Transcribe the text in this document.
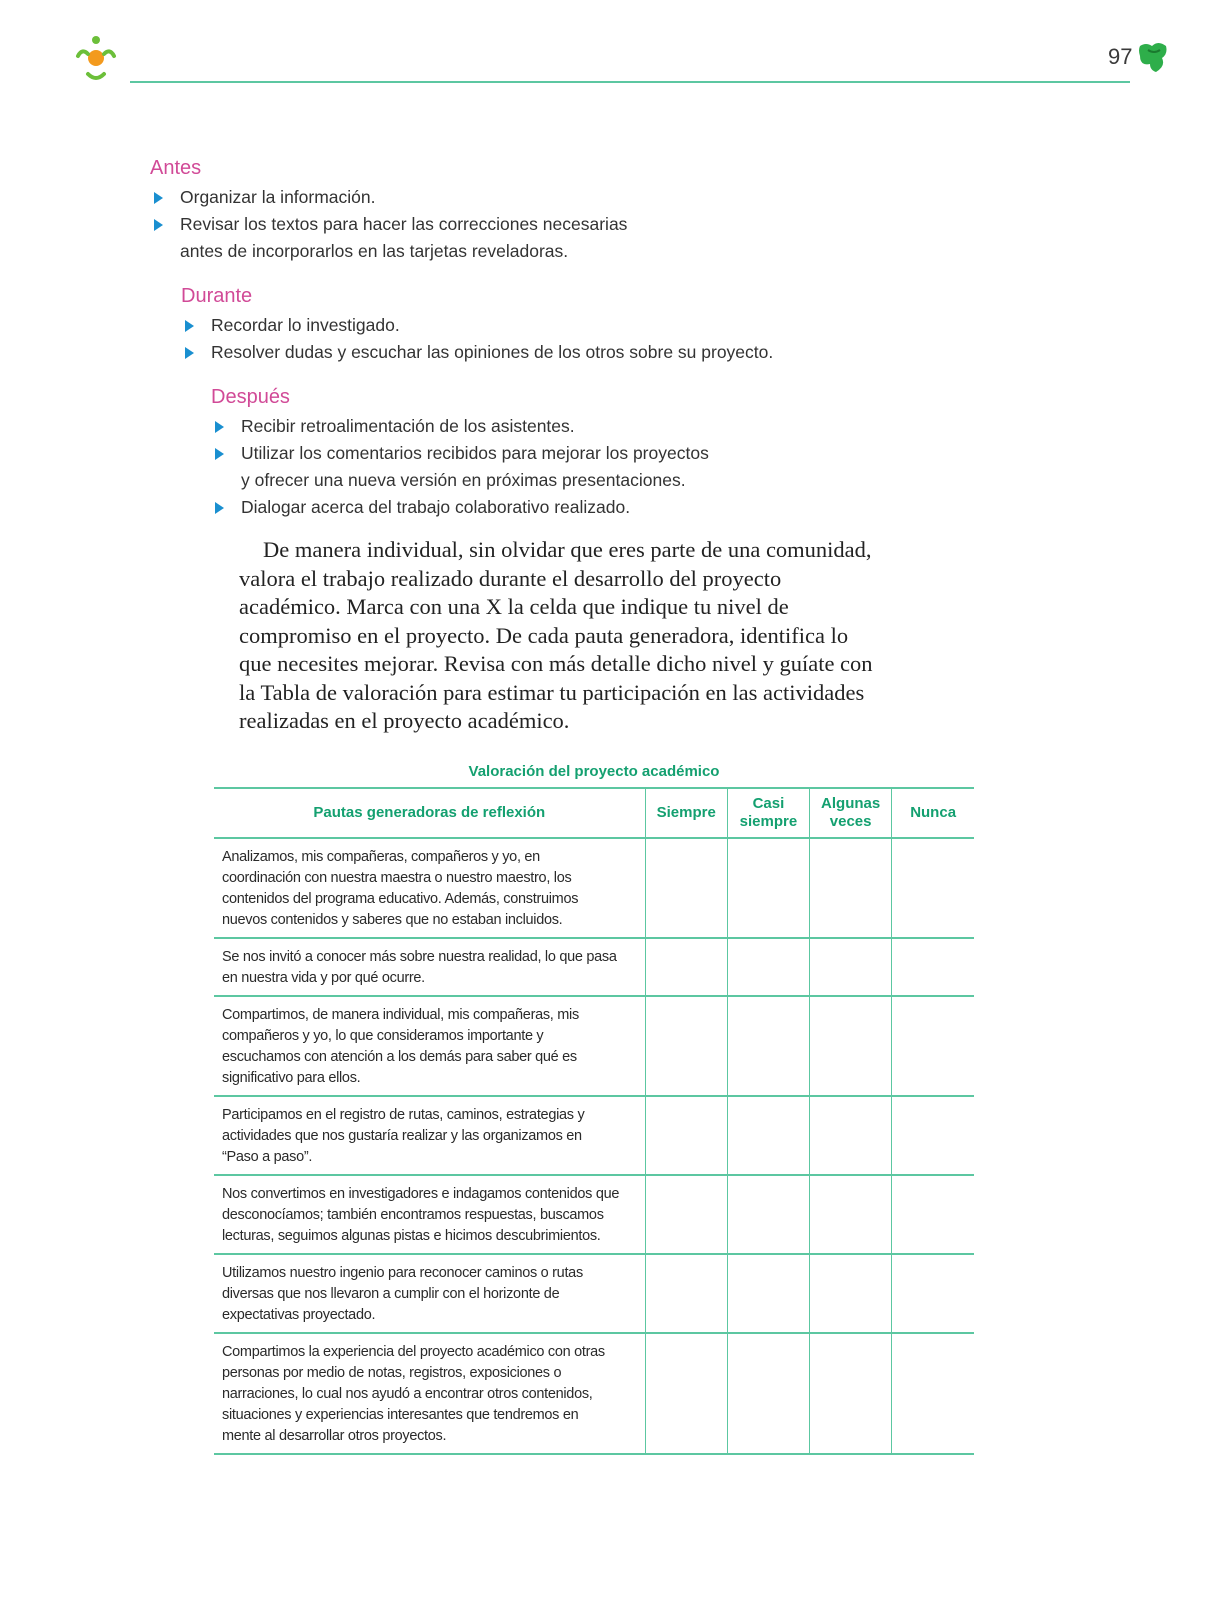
97
Antes
Organizar la información.
Revisar los textos para hacer las correcciones necesarias antes de incorporarlos en las tarjetas reveladoras.
Durante
Recordar lo investigado.
Resolver dudas y escuchar las opiniones de los otros sobre su proyecto.
Después
Recibir retroalimentación de los asistentes.
Utilizar los comentarios recibidos para mejorar los proyectos y ofrecer una nueva versión en próximas presentaciones.
Dialogar acerca del trabajo colaborativo realizado.

De manera individual, sin olvidar que eres parte de una comunidad, valora el trabajo realizado durante el desarrollo del proyecto académico. Marca con una X la celda que indique tu nivel de compromiso en el proyecto. De cada pauta generadora, identifica lo que necesites mejorar. Revisa con más detalle dicho nivel y guíate con la Tabla de valoración para estimar tu participación en las actividades realizadas en el proyecto académico.

Valoración del proyecto académico
Pautas generadoras de reflexión	Siempre	Casi siempre	Algunas veces	Nunca
Analizamos, mis compañeras, compañeros y yo, en coordinación con nuestra maestra o nuestro maestro, los contenidos del programa educativo. Además, construimos nuevos contenidos y saberes que no estaban incluidos.				
Se nos invitó a conocer más sobre nuestra realidad, lo que pasa en nuestra vida y por qué ocurre.				
Compartimos, de manera individual, mis compañeras, mis compañeros y yo, lo que consideramos importante y escuchamos con atención a los demás para saber qué es significativo para ellos.				
Participamos en el registro de rutas, caminos, estrategias y actividades que nos gustaría realizar y las organizamos en “Paso a paso”.				
Nos convertimos en investigadores e indagamos contenidos que desconocíamos; también encontramos respuestas, buscamos lecturas, seguimos algunas pistas e hicimos descubrimientos.				
Utilizamos nuestro ingenio para reconocer caminos o rutas diversas que nos llevaron a cumplir con el horizonte de expectativas proyectado.				
Compartimos la experiencia del proyecto académico con otras personas por medio de notas, registros, exposiciones o narraciones, lo cual nos ayudó a encontrar otros contenidos, situaciones y experiencias interesantes que tendremos en mente al desarrollar otros proyectos.				
